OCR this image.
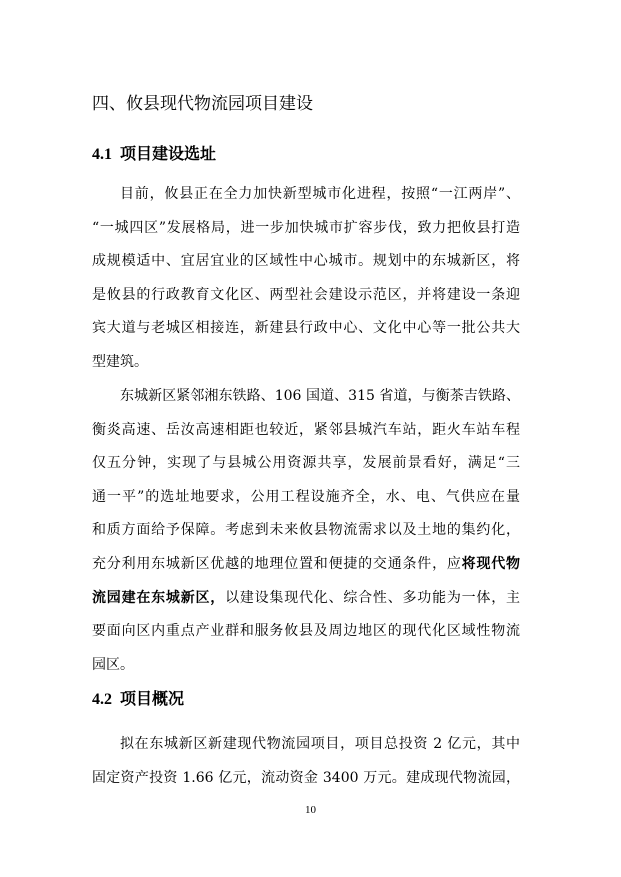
四、攸县现代物流园项目建设
4.1 项目建设选址
目前，攸县正在全力加快新型城市化进程，按照“一江两岸”、
“一城四区”发展格局，进一步加快城市扩容步伐，致力把攸县打造
成规模适中、宜居宜业的区域性中心城市。规划中的东城新区，将
是攸县的行政教育文化区、两型社会建设示范区，并将建设一条迎
宾大道与老城区相接连，新建县行政中心、文化中心等一批公共大
型建筑。
东城新区紧邻湘东铁路、106 国道、315 省道，与衡茶吉铁路、
衡炎高速、岳汝高速相距也较近，紧邻县城汽车站，距火车站车程
仅五分钟，实现了与县城公用资源共享，发展前景看好，满足“三
通一平”的选址地要求，公用工程设施齐全，水、电、气供应在量
和质方面给予保障。考虑到未来攸县物流需求以及土地的集约化，
充分利用东城新区优越的地理位置和便捷的交通条件，应将现代物
流园建在东城新区，以建设集现代化、综合性、多功能为一体，主
要面向区内重点产业群和服务攸县及周边地区的现代化区域性物流
园区。
4.2 项目概况
拟在东城新区新建现代物流园项目，项目总投资 2 亿元，其中
固定资产投资 1.66 亿元，流动资金 3400 万元。建成现代物流园，
10
